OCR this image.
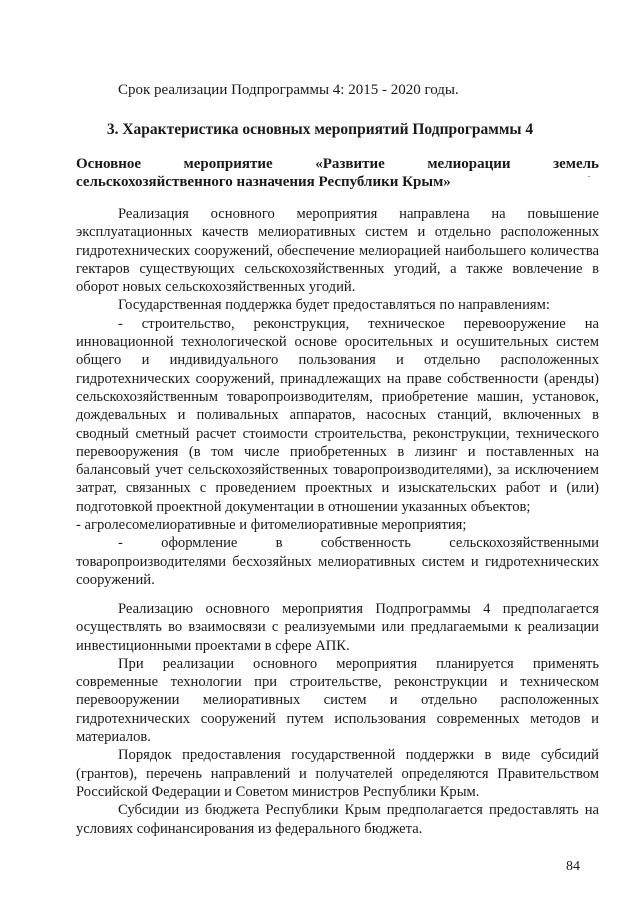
Срок реализации Подпрограммы 4: 2015 - 2020 годы.
3. Характеристика основных мероприятий Подпрограммы 4
Основное мероприятие «Развитие мелиорации земель
сельскохозяйственного назначения Республики Крым»

Реализация основного мероприятия направлена на повышение эксплуатационных качеств мелиоративных систем и отдельно расположенных гидротехнических сооружений, обеспечение мелиорацией наибольшего количества гектаров существующих сельскохозяйственных угодий, а также вовлечение в оборот новых сельскохозяйственных угодий.

Государственная поддержка будет предоставляться по направлениям:

- строительство, реконструкция, техническое перевооружение на инновационной технологической основе оросительных и осушительных систем общего и индивидуального пользования и отдельно расположенных гидротехнических сооружений, принадлежащих на праве собственности (аренды) сельскохозяйственным товаропроизводителям, приобретение машин, установок, дождевальных и поливальных аппаратов, насосных станций, включенных в сводный сметный расчет стоимости строительства, реконструкции, технического перевооружения (в том числе приобретенных в лизинг и поставленных на балансовый учет сельскохозяйственных товаропроизводителями), за исключением затрат, связанных с проведением проектных и изыскательских работ и (или) подготовкой проектной документации в отношении указанных объектов;

- агролесомелиоративные и фитомелиоративные мероприятия;

- оформление в собственность сельскохозяйственными товаропроизводителями бесхозяйных мелиоративных систем и гидротехнических сооружений.

Реализацию основного мероприятия Подпрограммы 4 предполагается осуществлять во взаимосвязи с реализуемыми или предлагаемыми к реализации инвестиционными проектами в сфере АПК.

При реализации основного мероприятия планируется применять современные технологии при строительстве, реконструкции и техническом перевооружении мелиоративных систем и отдельно расположенных гидротехнических сооружений путем использования современных методов и материалов.

Порядок предоставления государственной поддержки в виде субсидий (грантов), перечень направлений и получателей определяются Правительством Российской Федерации и Советом министров Республики Крым.

Субсидии из бюджета Республики Крым предполагается предоставлять на условиях софинансирования из федерального бюджета.

84
